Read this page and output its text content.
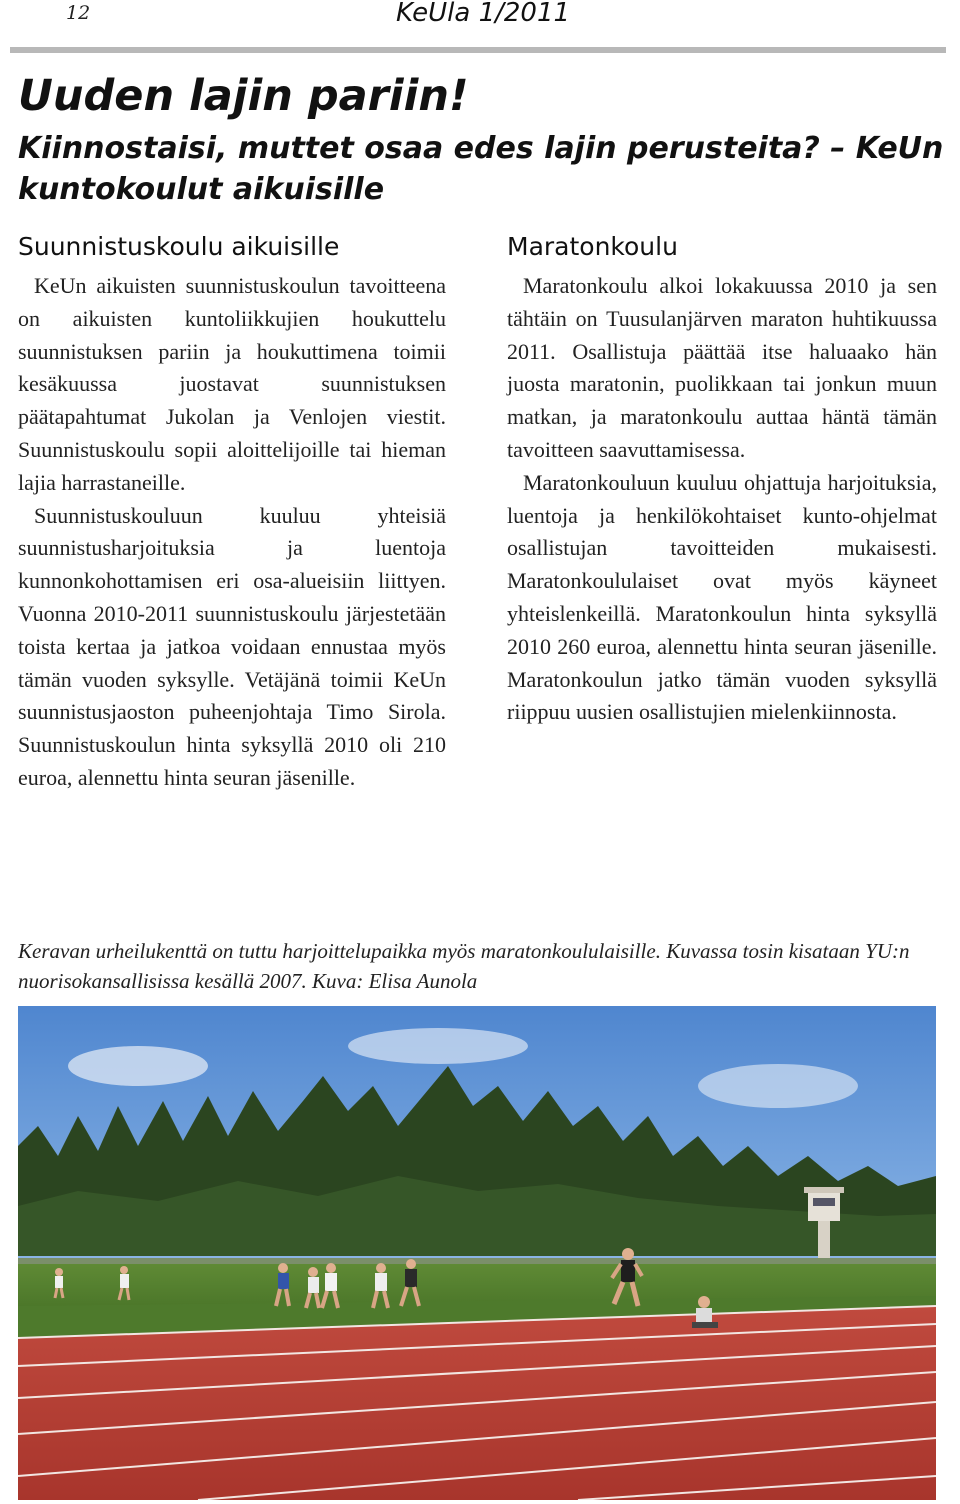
12	KeUla 1/2011
Uuden lajin pariin!

Kiinnostaisi, muttet osaa edes lajin perusteita? – KeUn kuntokoulut aikuisille

Suunnistuskoulu aikuisille

KeUn aikuisten suunnistuskoulun tavoitteena on aikuisten kuntoliikkujien houkuttelu suunnistuksen pariin ja houkuttimena toimii kesäkuussa juostavat suunnistuksen päätapahtumat Jukolan ja Venlojen viestit. Suunnistuskoulu sopii aloittelijoille tai hieman lajia harrastaneille.

Suunnistuskouluun kuuluu yhteisiä suunnistusharjoituksia ja luentoja kunnonkohottamisen eri osa-alueisiin liittyen. Vuonna 2010-2011 suunnistuskoulu järjestetään toista kertaa ja jatkoa voidaan ennustaa myös tämän vuoden syksylle. Vetäjänä toimii KeUn suunnistusjaoston puheenjohtaja Timo Sirola. Suunnistuskoulun hinta syksyllä 2010 oli 210 euroa, alennettu hinta seuran jäsenille.

Maratonkoulu

Maratonkoulu alkoi lokakuussa 2010 ja sen tähtäin on Tuusulanjärven maraton huhtikuussa 2011. Osallistuja päättää itse haluaako hän juosta maratonin, puolikkaan tai jonkun muun matkan, ja maratonkoulu auttaa häntä tämän tavoitteen saavuttamisessa.

Maratonkouluun kuuluu ohjattuja harjoituksia, luentoja ja henkilökohtaiset kunto-ohjelmat osallistujan tavoitteiden mukaisesti. Maratonkoululaiset ovat myös käyneet yhteislenkeillä. Maratonkoulun hinta syksyllä 2010 260 euroa, alennettu hinta seuran jäsenille. Maratonkoulun jatko tämän vuoden syksyllä riippuu uusien osallistujien mielenkiinnosta.

Keravan urheilukenttä on tuttu harjoittelupaikka myös maratonkoululaisille. Kuvassa tosin kisataan YU:n nuorisokansallisissa kesällä 2007. Kuva: Elisa Aunola
